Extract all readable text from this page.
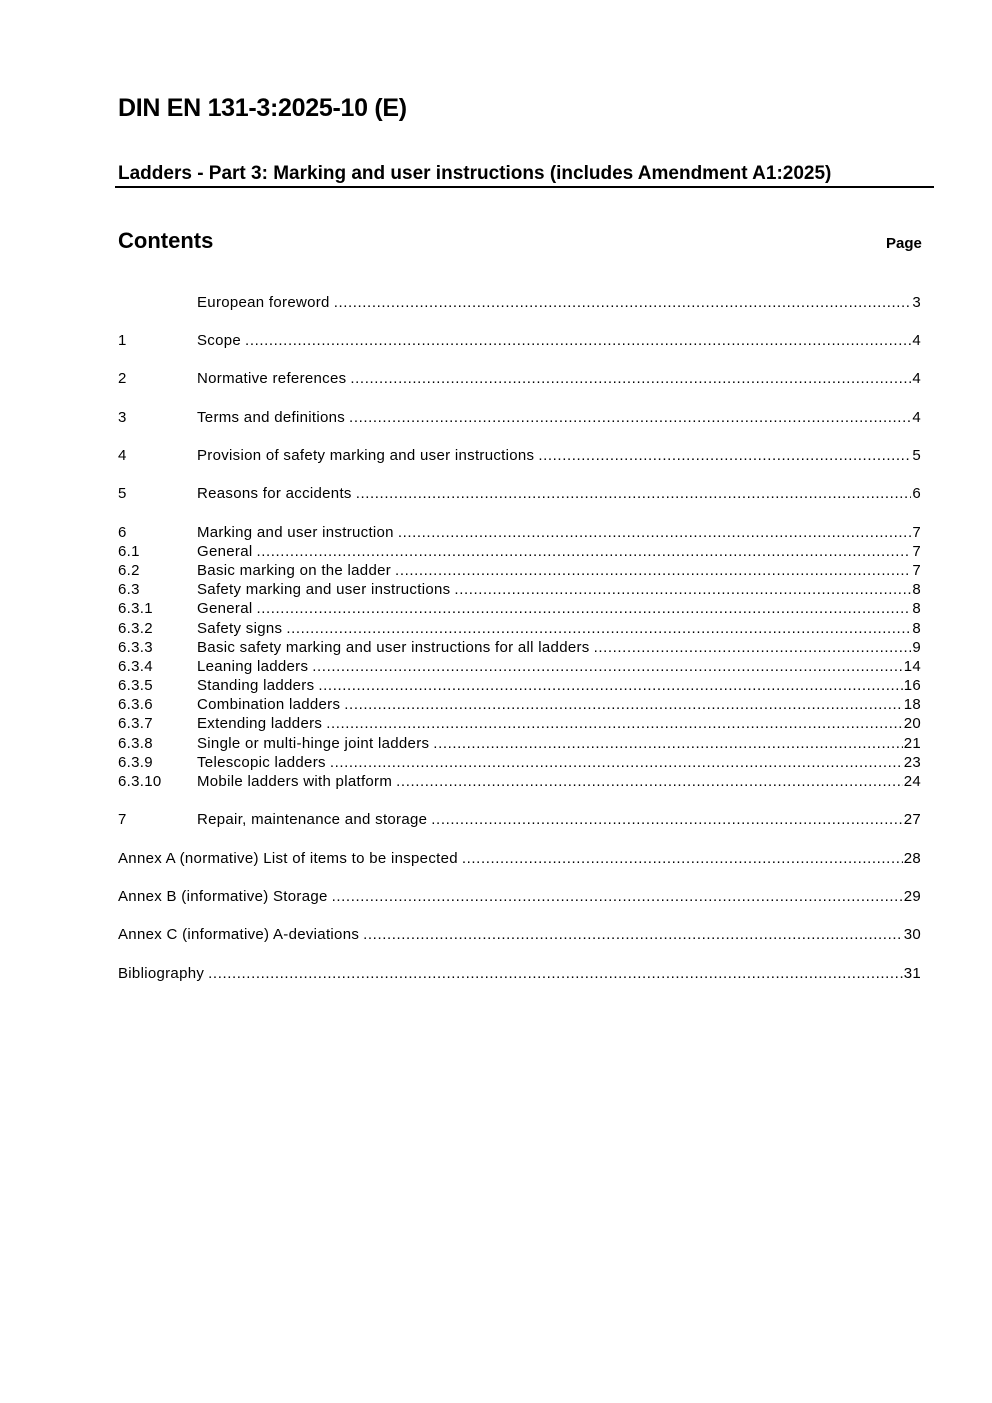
DIN EN 131-3:2025-10 (E)
Ladders - Part 3: Marking and user instructions (includes Amendment A1:2025)
Contents	Page
European foreword .....	3
1	Scope .....	4
2	Normative references .....	4
3	Terms and definitions .....	4
4	Provision of safety marking and user instructions .....	5
5	Reasons for accidents .....	6
6	Marking and user instruction .....	7
6.1	General .....	7
6.2	Basic marking on the ladder .....	7
6.3	Safety marking and user instructions .....	8
6.3.1	General .....	8
6.3.2	Safety signs .....	8
6.3.3	Basic safety marking and user instructions for all ladders .....	9
6.3.4	Leaning ladders .....	14
6.3.5	Standing ladders .....	16
6.3.6	Combination ladders .....	18
6.3.7	Extending ladders .....	20
6.3.8	Single or multi-hinge joint ladders .....	21
6.3.9	Telescopic ladders .....	23
6.3.10	Mobile ladders with platform .....	24
7	Repair, maintenance and storage .....	27
Annex A (normative) List of items to be inspected .....	28
Annex B (informative) Storage .....	29
Annex C (informative) A-deviations .....	30
Bibliography .....	31
